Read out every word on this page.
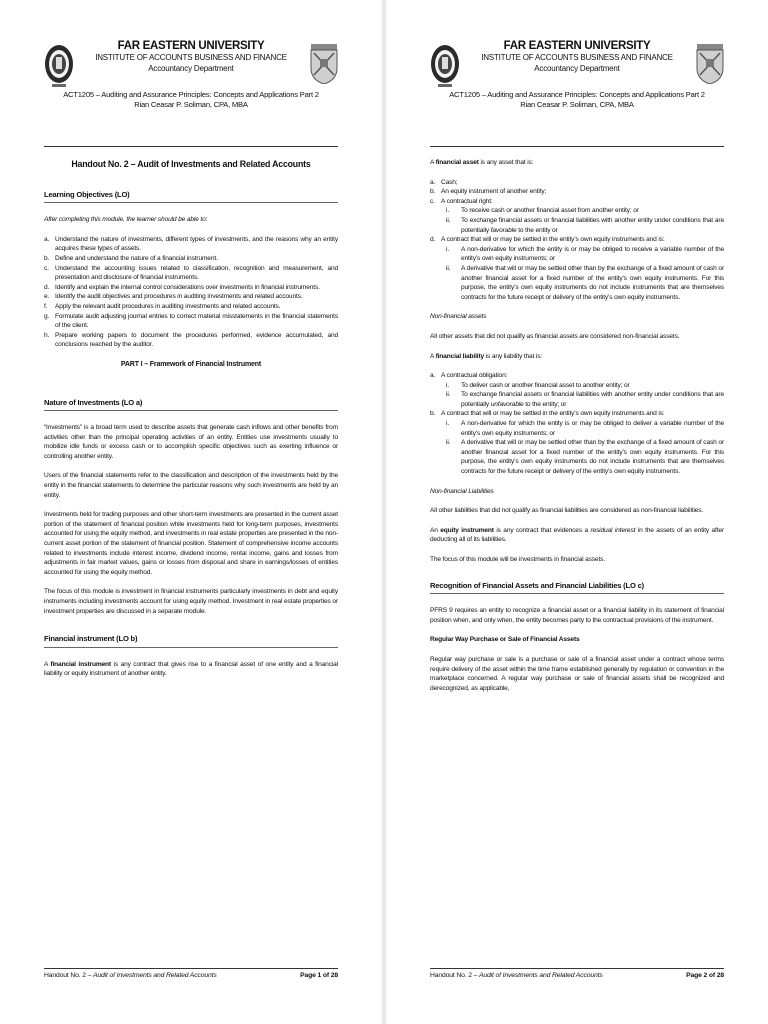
FAR EASTERN UNIVERSITY
INSTITUTE OF ACCOUNTS BUSINESS AND FINANCE
Accountancy Department
ACT1205 – Auditing and Assurance Principles: Concepts and Applications Part 2
Rian Ceasar P. Soliman, CPA, MBA
Handout No. 2 – Audit of Investments and Related Accounts
Learning Objectives (LO)

After completing this module, the learner should be able to:

a. Understand the nature of investments, different types of investments, and the reasons why an entity acquires these types of assets.
b. Define and understand the nature of a financial instrument.
c. Understand the accounting issues related to classification, recognition and measurement, and presentation and disclosure of financial instruments.
d. Identify and explain the internal control considerations over investments in financial instruments.
e. Identify the audit objectives and procedures in auditing investments and related accounts.
f.	Apply the relevant audit procedures in auditing investments and related accounts.
g. Formulate audit adjusting journal entries to correct material misstatements in the financial statements of the client.
h. Prepare working papers to document the procedures performed, evidence accumulated, and conclusions reached by the auditor.
PART I – Framework of Financial Instrument
Nature of Investments (LO a)

“Investments” is a broad term used to describe assets that generate cash inflows and other benefits from activities other than the principal operating activities of an entity. Entities use investments usually to mobilize idle funds or excess cash or to accomplish specific objectives such as exerting influence or controlling another entity.

Users of the financial statements refer to the classification and description of the investments held by the entity in the financial statements to determine the particular reasons why such investments are held by an entity.

Investments held for trading purposes and other short-term investments are presented in the current asset portion of the statement of financial position while investments held for long-term purposes, investments accounted for using the equity method, and investments in real estate properties are presented in the non-current asset portion of the statement of financial position. Statement of comprehensive income accounts related to investments include interest income, dividend income, rental income, gains and losses from adjustments in fair market values, gains or losses from disposal and share in earnings/losses of entities accounted for using the equity method.

The focus of this module is investment in financial instruments particularly investments in debt and equity instruments including investments account for using equity method. Investment in real estate properties or investment properties are discussed in a separate module.

Financial instrument (LO b)

A financial instrument is any contract that gives rise to a financial asset of one entity and a financial liability or equity instrument of another entity.

Handout No. 2 – Audit of Investments and Related Accounts	Page 1 of 28
FAR EASTERN UNIVERSITY
INSTITUTE OF ACCOUNTS BUSINESS AND FINANCE
Accountancy Department
ACT1205 – Auditing and Assurance Principles: Concepts and Applications Part 2
Rian Ceasar P. Soliman, CPA, MBA

A financial asset is any asset that is:

a. Cash;
b. An equity instrument of another entity;
c. A contractual right:
i.	To receive cash or another financial asset from another entity; or
ii.	To exchange financial assets or financial liabilities with another entity under conditions that are potentially favorable to the entity or
d. A contract that will or may be settled in the entity’s own equity instruments and is:
i.	A non-derivative for which the entity is or may be obliged to receive a variable number of the entity’s own equity instruments; or
ii.	A derivative that will or may be settled other than by the exchange of a fixed amount of cash or another financial asset for a fixed number of the entity’s own equity instruments. For this purpose, the entity’s own equity instruments do not include instruments that are themselves contracts for the future receipt or delivery of the entity’s own equity instruments.

Non-financial assets

All other assets that did not qualify as financial assets are considered non-financial assets.

A financial liability is any liability that is:

a. A contractual obligation:
i.	To deliver cash or another financial asset to another entity; or
ii.	To exchange financial assets or financial liabilities with another entity under conditions that are potentially unfavorable to the entity; or
b. A contract that will or may be settled in the entity’s own equity instruments and is:
i.	A non-derivative for which the entity is or may be obliged to deliver a variable number of the entity’s own equity instruments; or
ii.	A derivative that will or may be settled other than by the exchange of a fixed amount of cash or another financial asset for a fixed number of the entity’s own equity instruments. For this purpose, the entity’s own equity instruments do not include instruments that are themselves contracts for the future receipt or delivery of the entity’s own equity instruments.

Non-financial Liabilities

All other liabilities that did not qualify as financial liabilities are considered as non-financial liabilities.

An equity instrument is any contract that evidences a residual interest in the assets of an entity after deducting all of its liabilities.

The focus of this module will be investments in financial assets.

Recognition of Financial Assets and Financial Liabilities (LO c)

PFRS 9 requires an entity to recognize a financial asset or a financial liability in its statement of financial position when, and only when, the entity becomes party to the contractual provisions of the instrument.

Regular Way Purchase or Sale of Financial Assets

Regular way purchase or sale is a purchase or sale of a financial asset under a contract whose terms require delivery of the asset within the time frame established generally by regulation or convention in the marketplace concerned. A regular way purchase or sale of financial assets shall be recognized and derecognized, as applicable,

Handout No. 2 – Audit of Investments and Related Accounts	Page 2 of 28
